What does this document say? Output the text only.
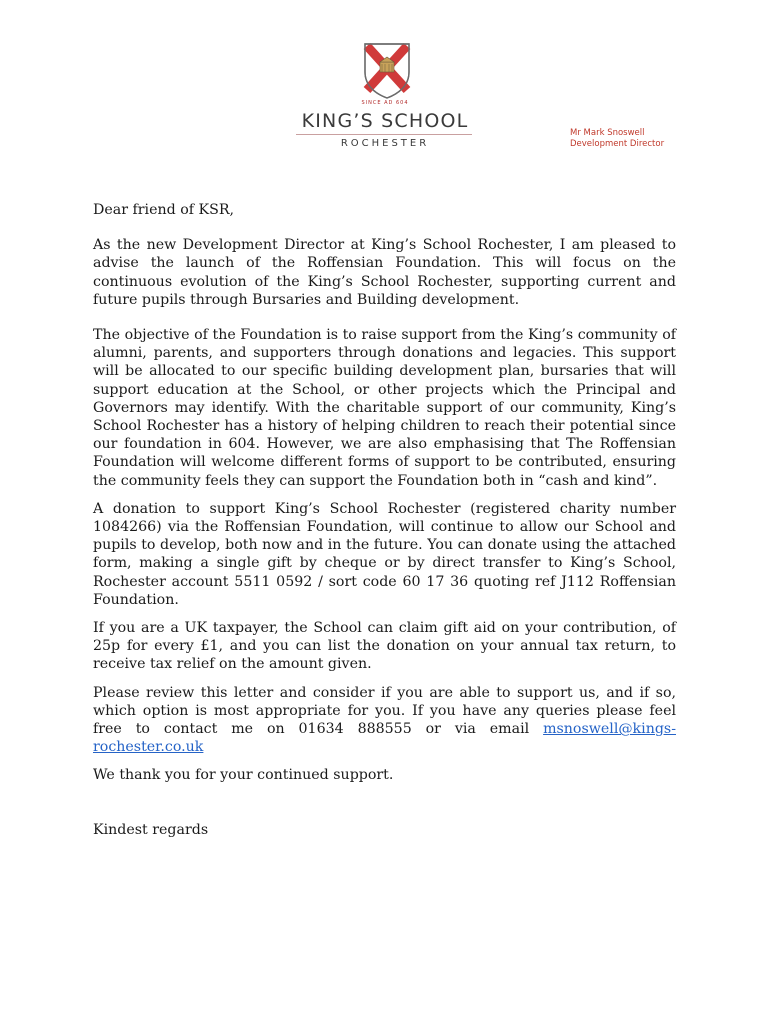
SINCE AD 604
KING’S SCHOOL
ROCHESTER
Mr Mark Snoswell
Development Director

Dear friend of KSR,

As the new Development Director at King’s School Rochester, I am pleased to advise the launch of the Roffensian Foundation. This will focus on the continuous evolution of the King’s School Rochester, supporting current and future pupils through Bursaries and Building development.

The objective of the Foundation is to raise support from the King’s community of alumni, parents, and supporters through donations and legacies. This support will be allocated to our specific building development plan, bursaries that will support education at the School, or other projects which the Principal and Governors may identify. With the charitable support of our community, King’s School Rochester has a history of helping children to reach their potential since our foundation in 604. However, we are also emphasising that The Roffensian Foundation will welcome different forms of support to be contributed, ensuring the community feels they can support the Foundation both in “cash and kind”.

A donation to support King’s School Rochester (registered charity number 1084266) via the Roffensian Foundation, will continue to allow our School and pupils to develop, both now and in the future. You can donate using the attached form, making a single gift by cheque or by direct transfer to King’s School, Rochester account 5511 0592 / sort code 60 17 36 quoting ref J112 Roffensian Foundation.

If you are a UK taxpayer, the School can claim gift aid on your contribution, of 25p for every £1, and you can list the donation on your annual tax return, to receive tax relief on the amount given.

Please review this letter and consider if you are able to support us, and if so, which option is most appropriate for you. If you have any queries please feel free to contact me on 01634 888555 or via email msnoswell@kings-rochester.co.uk

We thank you for your continued support.

Kindest regards
